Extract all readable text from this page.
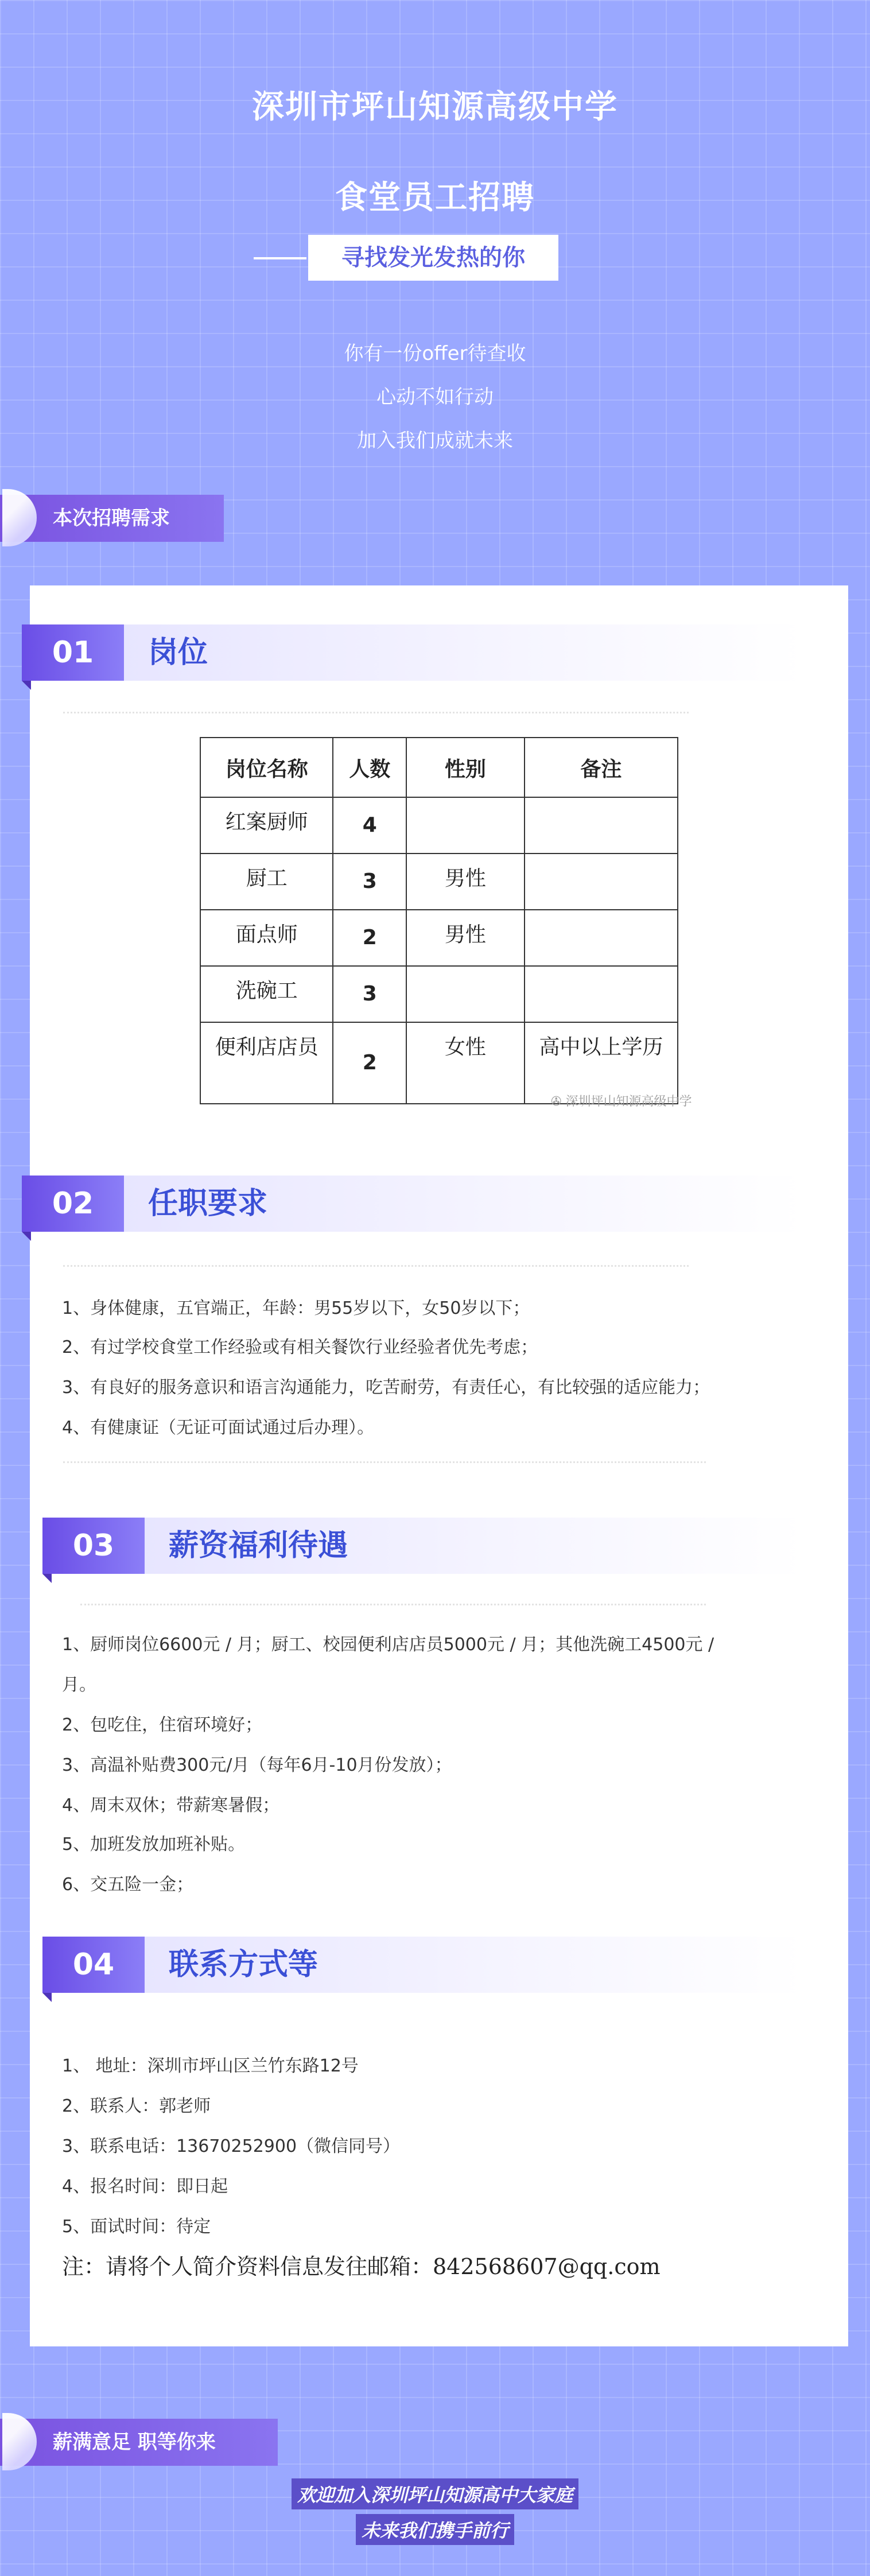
深圳市坪山知源高级中学
食堂员工招聘
寻找发光发热的你
你有一份offer待查收
心动不如行动
加入我们成就未来
本次招聘需求
01	岗位
岗位名称	人数	性别	备注
红案厨师	4		
厨工	3	男性	
面点师	2	男性	
洗碗工	3		
便利店店员	2	女性	高中以上学历
✇ 深圳坪山知源高级中学
02	任职要求
1、身体健康，五官端正，年龄：男55岁以下，女50岁以下；
2、有过学校食堂工作经验或有相关餐饮行业经验者优先考虑；
3、有良好的服务意识和语言沟通能力，吃苦耐劳，有责任心，有比较强的适应能力；
4、有健康证（无证可面试通过后办理）。
03	薪资福利待遇
1、厨师岗位6600元 / 月；厨工、校园便利店店员5000元 / 月；其他洗碗工4500元 /
月。
2、包吃住，住宿环境好；
3、高温补贴费300元/月（每年6月-10月份发放）；
4、周末双休；带薪寒暑假；
5、加班发放加班补贴。
6、交五险一金；
04	联系方式等
1、 地址：深圳市坪山区兰竹东路12号
2、联系人：郭老师
3、联系电话：13670252900（微信同号）
4、报名时间：即日起
5、面试时间：待定
注：请将个人简介资料信息发往邮箱：842568607@qq.com
薪满意足 职等你来
欢迎加入深圳坪山知源高中大家庭
未来我们携手前行
